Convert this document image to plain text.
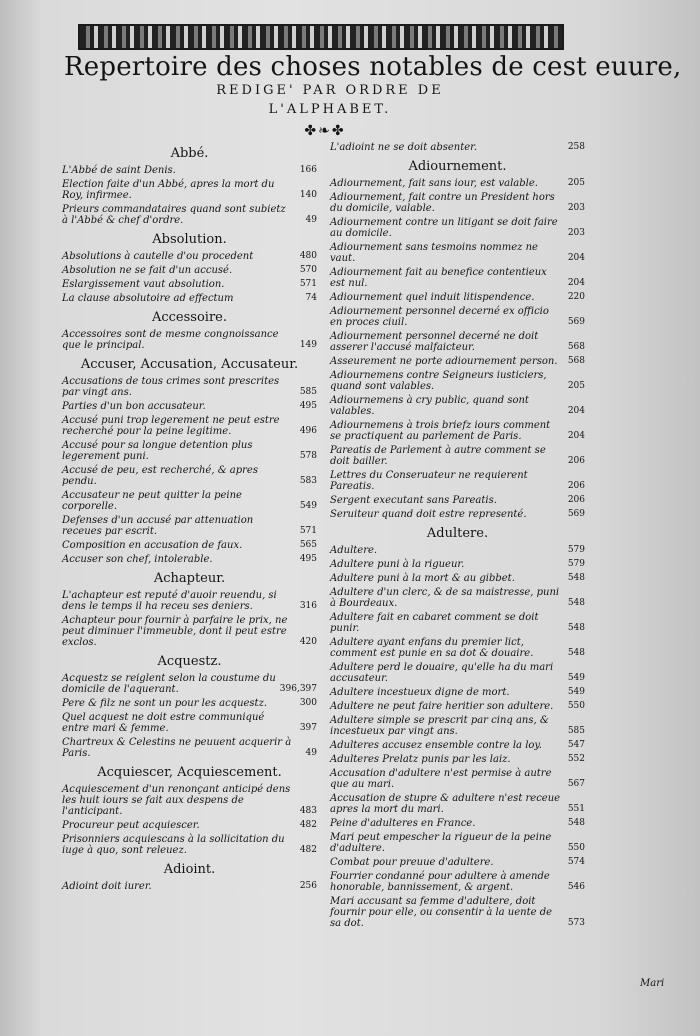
Repertoire des choses notables de cest euure,
REDIGE' PAR ORDRE DE
L'ALPHABET.
✤❧✤
Abbé.
L'Abbé de saint Denis.	166
Election faite d'un Abbé, apres la mort du Roy, infirmee.	140
Prieurs commandataires quand sont subietz à l'Abbé & chef d'ordre.	49
Absolution.
Absolutions à cautelle d'ou procedent	480
Absolution ne se fait d'un accusé.	570
Eslargissement vaut absolution.	571
La clause absolutoire ad effectum	74
Accessoire.
Accessoires sont de mesme congnoissance que le principal.	149
Accuser, Accusation, Accusateur.
Accusations de tous crimes sont prescrites par vingt ans.	585
Parties d'un bon accusateur.	495
Accusé puni trop legerement ne peut estre recherché pour la peine legitime.	496
Accusé pour sa longue detention plus legerement puni.	578
Accusé de peu, est recherché, & apres pendu.	583
Accusateur ne peut quitter la peine corporelle.	549
Defenses d'un accusé par attenuation receues par escrit.	571
Composition en accusation de faux.	565
Accuser son chef, intolerable.	495
Achapteur.
L'achapteur est reputé d'auoir reuendu, si dens le temps il ha receu ses deniers.	316
Achapteur pour fournir à parfaire le prix, ne peut diminuer l'immeuble, dont il peut estre exclos.	420
Acquestz.
Acquestz se reiglent selon la coustume du domicile de l'aquerant.	396,397
Pere & filz ne sont un pour les acquestz.	300
Quel acquest ne doit estre communiqué entre mari & femme.	397
Chartreux & Celestins ne peuuent acquerir à Paris.	49
Acquiescer, Acquiescement.
Acquiescement d'un renonçant anticipé dens les huit iours se fait aux despens de l'anticipant.	483
Procureur peut acquiescer.	482
Prisonniers acquiescans à la sollicitation du iuge à quo, sont releuez.	482
Adioint.
Adioint doit iurer.	256
L'adioint ne se doit absenter.	258
Adiournement.
Adiournement, fait sans iour, est valable.	205
Adiournement, fait contre un President hors du domicile, valable.	203
Adiournement contre un litigant se doit faire au domicile.	203
Adiournement sans tesmoins nommez ne vaut.	204
Adiournement fait au benefice contentieux est nul.	204
Adiournement quel induit litispendence.	220
Adiournement personnel decerné ex officio en proces ciuil.	569
Adiournement personnel decerné ne doit asserer l'accusé malfaicteur.	568
Asseurement ne porte adiournement person.	568
Adiournemens contre Seigneurs iusticiers, quand sont valables.	205
Adiournemens à cry public, quand sont valables.	204
Adiournemens à trois briefz iours comment se practiquent au parlement de Paris.	204
Pareatis de Parlement à autre comment se doit bailler.	206
Lettres du Conseruateur ne requierent Pareatis.	206
Sergent executant sans Pareatis.	206
Seruiteur quand doit estre representé.	569
Adultere.
Adultere.	579
Adultere puni à la rigueur.	579
Adultere puni à la mort & au gibbet.	548
Adultere d'un clerc, & de sa maistresse, puni à Bourdeaux.	548
Adultere fait en cabaret comment se doit punir.	548
Adultere ayant enfans du premier lict, comment est punie en sa dot & douaire.	548
Adultere perd le douaire, qu'elle ha du mari accusateur.	549
Adultere incestueux digne de mort.	549
Adultere ne peut faire heritier son adultere.	550
Adultere simple se prescrit par cinq ans, & incestueux par vingt ans.	585
Adulteres accusez ensemble contre la loy.	547
Adulteres Prelatz punis par les laiz.	552
Accusation d'adultere n'est permise à autre que au mari.	567
Accusation de stupre & adultere n'est receue apres la mort du mari.	551
Peine d'adulteres en France.	548
Mari peut empescher la rigueur de la peine d'adultere.	550
Combat pour preuue d'adultere.	574
Fourrier condanné pour adultere à amende honorable, bannissement, & argent.	546
Mari accusant sa femme d'adultere, doit fournir pour elle, ou consentir à la uente de sa dot.	573
Mari
